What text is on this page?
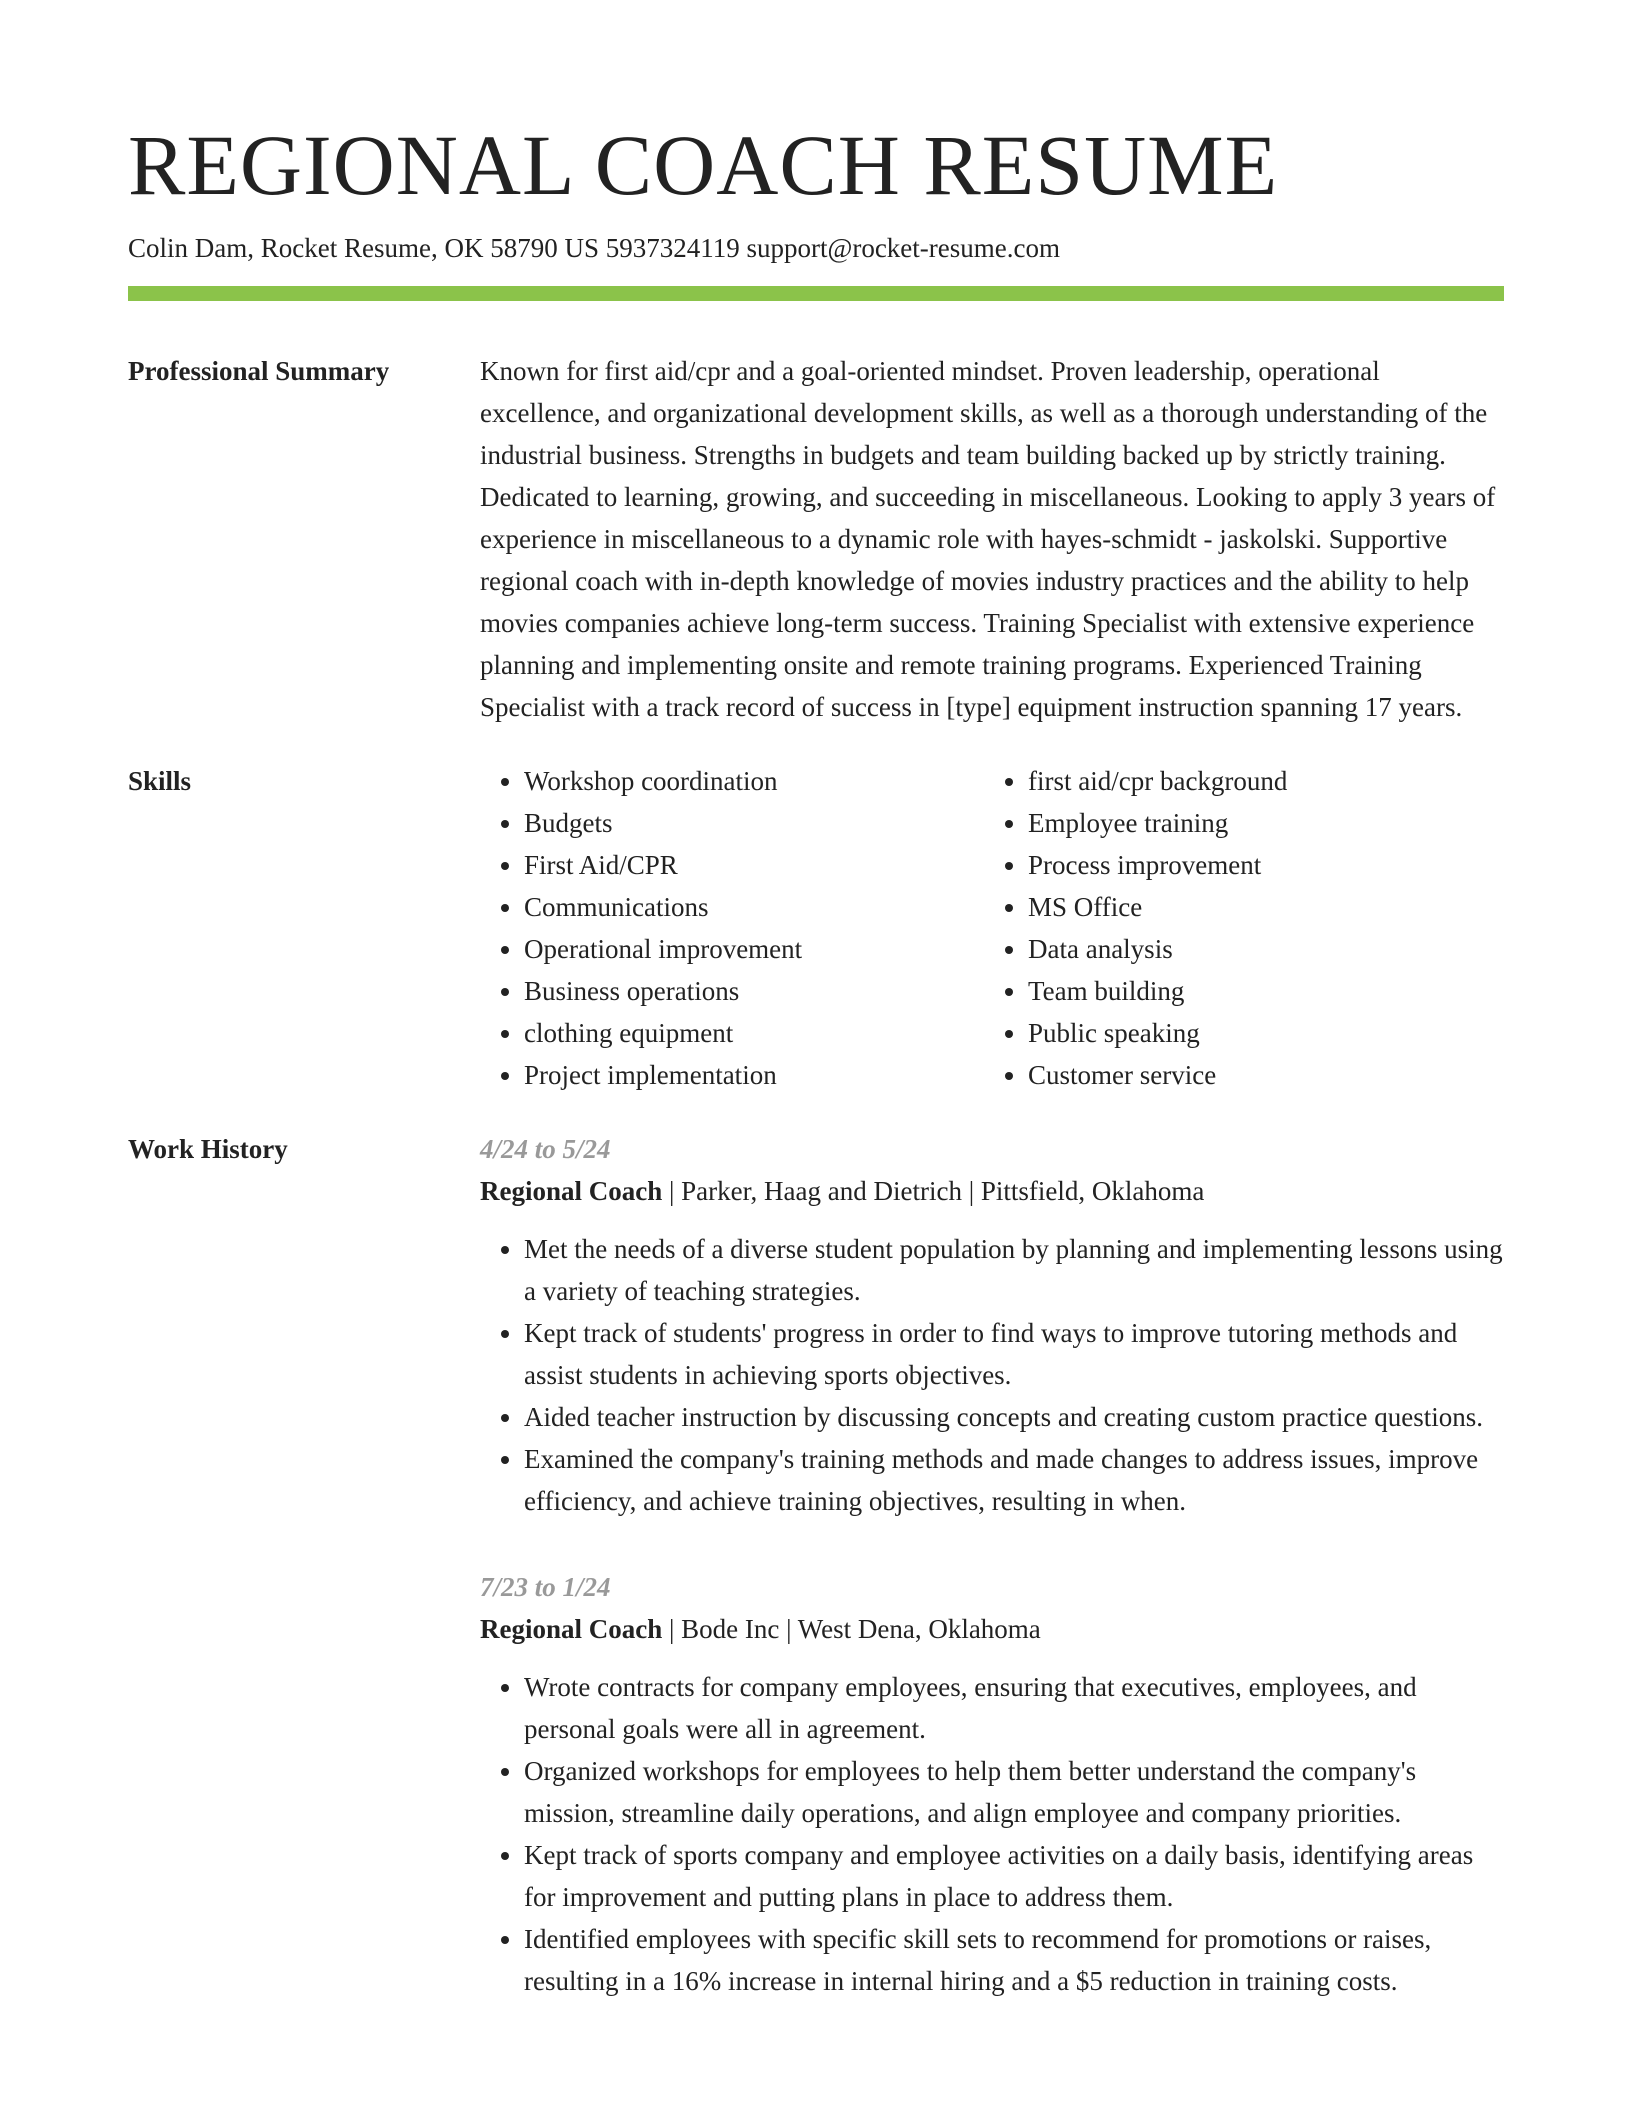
REGIONAL COACH RESUME
Colin Dam, Rocket Resume, OK 58790 US 5937324119 support@rocket-resume.com
Professional Summary	Known for first aid/cpr and a goal-oriented mindset. Proven leadership, operational excellence, and organizational development skills, as well as a thorough understanding of the industrial business. Strengths in budgets and team building backed up by strictly training. Dedicated to learning, growing, and succeeding in miscellaneous. Looking to apply 3 years of experience in miscellaneous to a dynamic role with hayes-schmidt - jaskolski. Supportive regional coach with in-depth knowledge of movies industry practices and the ability to help movies companies achieve long-term success. Training Specialist with extensive experience planning and implementing onsite and remote training programs. Experienced Training Specialist with a track record of success in [type] equipment instruction spanning 17 years.

Skills
•	Workshop coordination
• Budgets
• First Aid/CPR
• Communications
• Operational improvement
• Business operations
• clothing equipment
• Project implementation
• first aid/cpr background
• Employee training
• Process improvement
• MS Office
• Data analysis
• Team building
• Public speaking
• Customer service
Work History	4/24 to 5/24
Regional Coach | Parker, Haag and Dietrich | Pittsfield, Oklahoma
• Met the needs of a diverse student population by planning and implementing lessons using a variety of teaching strategies.
• Kept track of students' progress in order to find ways to improve tutoring methods and assist students in achieving sports objectives.
• Aided teacher instruction by discussing concepts and creating custom practice questions.
• Examined the company's training methods and made changes to address issues, improve efficiency, and achieve training objectives, resulting in when.
7/23 to 1/24
Regional Coach | Bode Inc | West Dena, Oklahoma
• Wrote contracts for company employees, ensuring that executives, employees, and personal goals were all in agreement.
• Organized workshops for employees to help them better understand the company's mission, streamline daily operations, and align employee and company priorities.
• Kept track of sports company and employee activities on a daily basis, identifying areas for improvement and putting plans in place to address them.
• Identified employees with specific skill sets to recommend for promotions or raises, resulting in a 16% increase in internal hiring and a $5 reduction in training costs.
